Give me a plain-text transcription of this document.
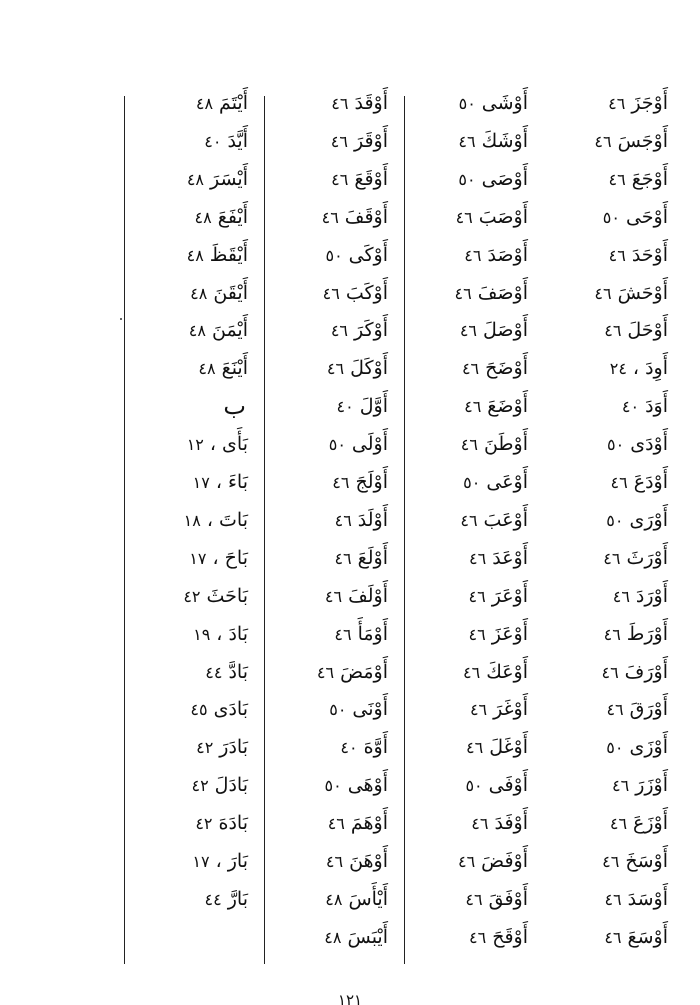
أَوْجَزَ٤٦
أَوْجَسَ٤٦
أَوْجَعَ٤٦
أَوْحَى٥٠
أَوْحَدَ٤٦
أَوْحَشَ٤٦
أَوْحَلَ٤٦
أَوِدَ ،٢٤
أَوَدَ٤٠
أَوْدَى٥٠
أَوْدَعَ٤٦
أَوْرَى٥٠
أَوْرَثَ٤٦
أَوْرَدَ٤٦
أَوْرَطَ٤٦
أَوْرَفَ٤٦
أَوْرَقَ٤٦
أَوْزَى٥٠
أَوْزَرَ٤٦
أَوْزَعَ٤٦
أَوْسَخَ٤٦
أَوْسَدَ٤٦
أَوْسَعَ٤٦
أَوْشَى٥٠
أَوْشَكَ٤٦
أَوْصَى٥٠
أَوْصَبَ٤٦
أَوْصَدَ٤٦
أَوْصَفَ٤٦
أَوْصَلَ٤٦
أَوْضَحَ٤٦
أَوْضَعَ٤٦
أَوْطَنَ٤٦
أَوْعَى٥٠
أَوْعَبَ٤٦
أَوْعَدَ٤٦
أَوْعَرَ٤٦
أَوْعَزَ٤٦
أَوْعَكَ٤٦
أَوْغَرَ٤٦
أَوْغَلَ٤٦
أَوْفَى٥٠
أَوْفَدَ٤٦
أَوْفَضَ٤٦
أَوْفَقَ٤٦
أَوْقَحَ٤٦
أَوْقَدَ٤٦
أَوْقَرَ٤٦
أَوْقَعَ٤٦
أَوْقَفَ٤٦
أَوْكَى٥٠
أَوْكَبَ٤٦
أَوْكَرَ٤٦
أَوْكَلَ٤٦
أَوَّلَ٤٠
أَوْلَى٥٠
أَوْلَجَ٤٦
أَوْلَدَ٤٦
أَوْلَعَ٤٦
أَوْلَفَ٤٦
أَوْمَأَ٤٦
أَوْمَضَ٤٦
أَوْنَى٥٠
أَوَّهَ٤٠
أَوْهَى٥٠
أَوْهَمَ٤٦
أَوْهَنَ٤٦
أَيْأَسَ٤٨
أَيْبَسَ٤٨
أَيْتَمَ٤٨
أَيَّدَ٤٠
أَيْسَرَ٤٨
أَيْفَعَ٤٨
أَيْقَظَ٤٨
أَيْقَنَ٤٨
أَيْمَنَ٤٨
أَيْنَعَ٤٨
ب
بَأَى ،١٢
بَاءَ ،١٧
بَاتَ ،١٨
بَاحَ ،١٧
بَاحَثَ٤٢
بَادَ ،١٩
بَادَّ٤٤
بَادَى٤٥
بَادَرَ٤٢
بَادَلَ٤٢
بَادَهَ٤٢
بَارَ ،١٧
بَارَّ٤٤
١٢١
